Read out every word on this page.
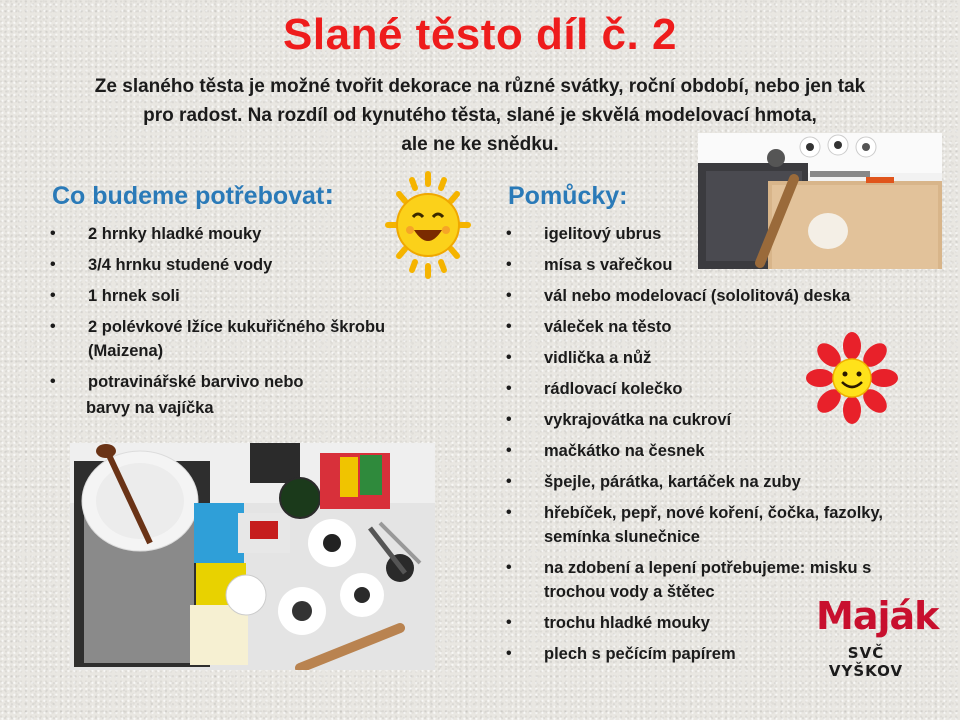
Slané těsto díl č. 2
Ze slaného těsta je možné tvořit dekorace na různé svátky, roční období, nebo jen tak
pro radost. Na rozdíl od kynutého těsta, slané je skvělá modelovací hmota,
ale ne ke snědku.
Co budeme potřebovat:
• 2 hrnky hladké mouky
• 3/4 hrnku studené vody
• 1 hrnek soli
• 2 polévkové lžíce kukuřičného škrobu (Maizena)
• potravinářské barvivo nebo
barvy na vajíčka
Pomůcky:
• igelitový ubrus
• mísa s vařečkou
• vál nebo modelovací (sololitová) deska
• váleček na těsto
• vidlička a nůž
• rádlovací kolečko
• vykrajovátka na cukroví
• mačkátko na česnek
• špejle, párátka, kartáček na zuby
• hřebíček, pepř, nové koření, čočka, fazolky, semínka slunečnice
• na zdobení a lepení potřebujeme: misku s trochou vody a štětec
• trochu hladké mouky
• plech s pečícím papírem
Maják
SVČ VYŠKOV
